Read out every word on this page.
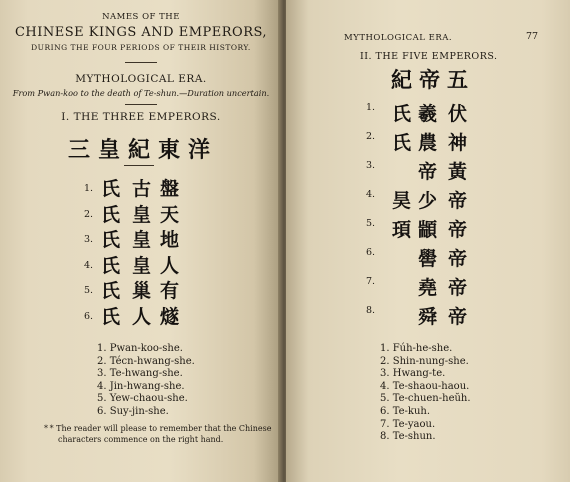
NAMES OF THE
CHINESE KINGS AND EMPERORS,
DURING THE FOUR PERIODS OF THEIR HISTORY.
MYTHOLOGICAL ERA.
From Pwan-koo to the death of Te-shun.—Duration uncertain.
I. THE THREE EMPERORS.
三皇紀東洋
1.
2.
3.
4.
5.
6.
氏
氏
氏
氏
氏
氏
古
皇
皇
皇
巢
人
盤
天
地
人
有
燧
1. Pwan-koo-she.
2. Técn-hwang-she.
3. Te-hwang-she.
4. Jin-hwang-she.
5. Yew-chaou-she.
6. Suy-jin-she.
* * The reader will please to remember that the Chinese
characters commence on the right hand.
MYTHOLOGICAL ERA.	77
II. THE FIVE EMPERORS.
紀 帝 五
1.
2.
3.
4.
5.
6.
7.
8.
氏
氏
昊
頊
羲
農
帝
少
顓
嚳
堯
舜
伏
神
黃
帝
帝
帝
帝
帝
1. Fúh-he-she.
2. Shin-nung-she.
3. Hwang-te.
4. Te-shaou-haou.
5. Te-chuen-heŭh.
6. Te-kuh.
7. Te-yaou.
8. Te-shun.
